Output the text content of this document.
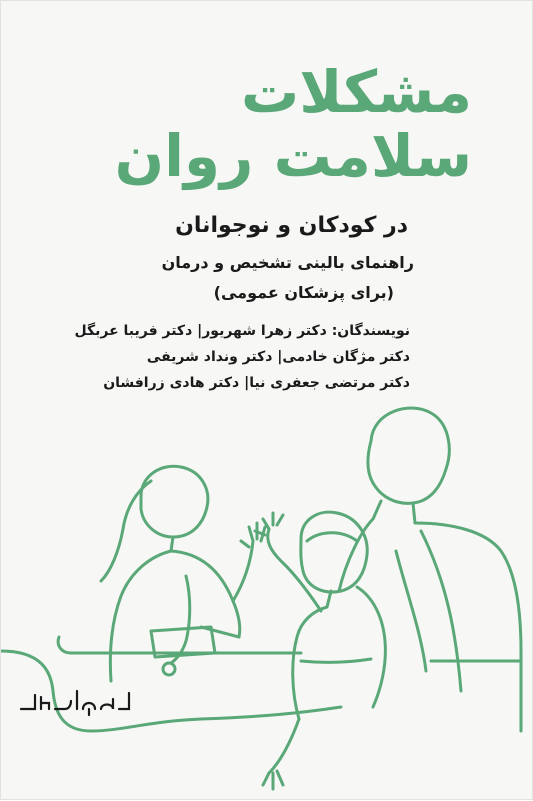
مشکلات
سلامت روان
در کودکان و نوجوانان
راهنمای بالینی تشخیص و درمان
(برای پزشکان عمومی)
نویسندگان: دکتر زهرا شهریور| دکتر فریبا عربگل
دکتر مژگان خادمی| دکتر ونداد شریفی
دکتر مرتضی جعفری نیا| دکتر هادی زرافشان
کتاب ارجمند
